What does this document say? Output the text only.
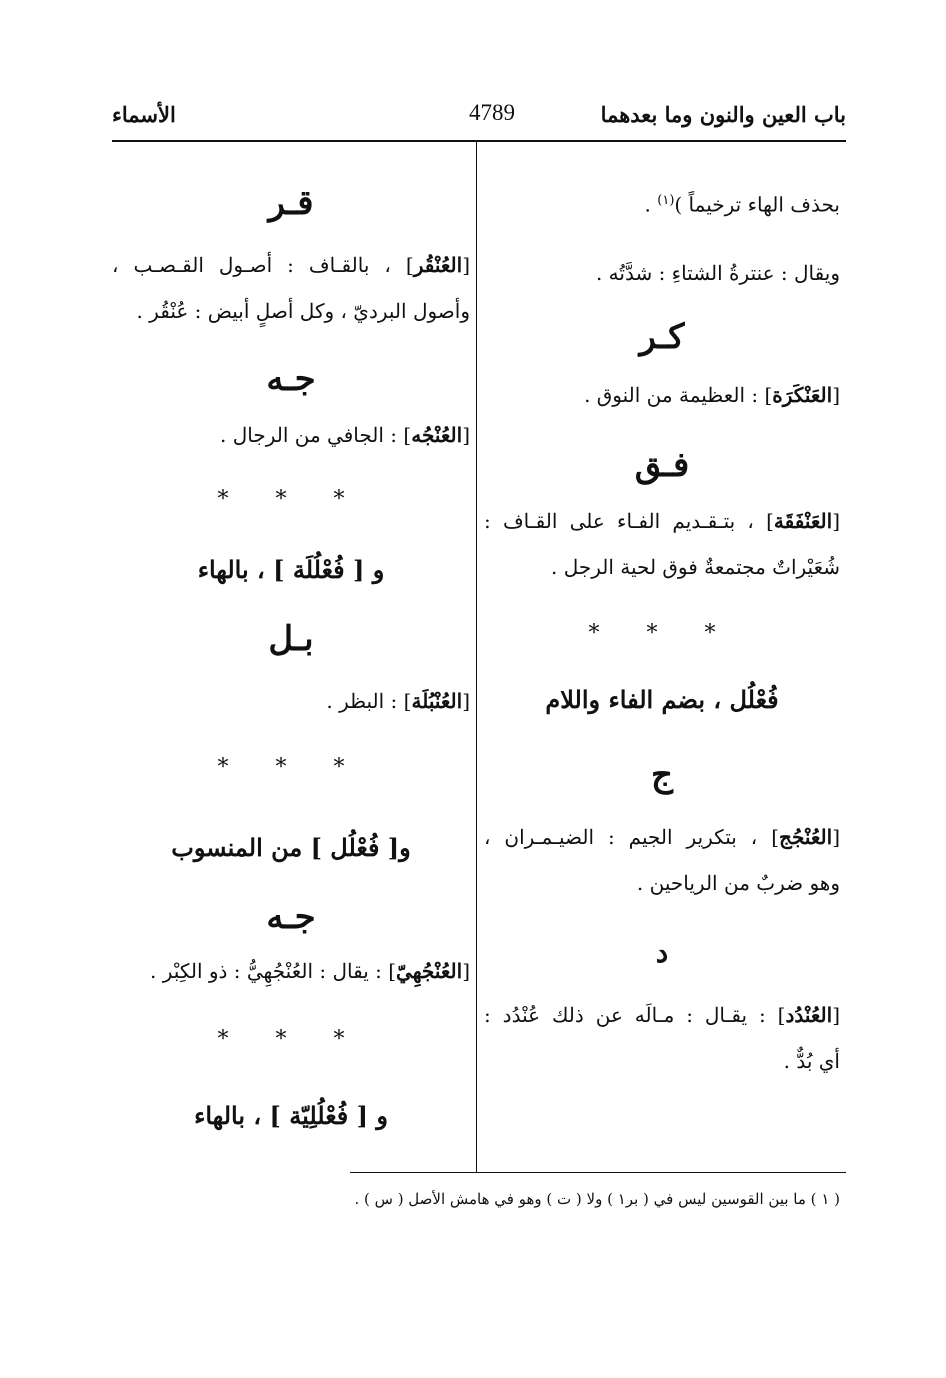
باب العين والنون وما بعدهما
4789
الأسماء
بحذف الهاء ترخيماً )$^{(١)}$ .
ويقال : عنترةُ الشتاءِ : شدَّتُه .
كـر
[العَنْكَرَة] : العظيمة من النوق .
فـق
[العَنْفَقَة] ، بتـقـديم الفـاء على القـاف :
شُعَيْراتٌ مجتمعةٌ فوق لحية الرجل .
* * *
فُعْلُل ، بضم الفاء واللام
ج
[العُنْجُج] ، بتكرير الجيم : الضيـمـران ،
وهو ضربٌ من الرياحين .
د
[العُنْدُد] : يقـال : مـالَه عن ذلك عُنْدُد :
أي بُدٌّ .
قـر
[العُنْقُر] ، بالقـاف : أصـول القـصـب ،
وأصول البرديّ ، وكل أصلٍ أبيض : عُنْقُر .
جـه
[العُنْجُه] : الجافي من الرجال .
* * *
و [ فُعْلُلَة ] ، بالهاء
بـل
[العُنْبُلَة] : البظر .
* * *
و[ فُعْلُل ] من المنسوب
جـه
[العُنْجُهِيّ] : يقال : العُنْجُهِيُّ : ذو الكِبْر .
* * *
و [ فُعْلُلِيّة ] ، بالهاء
( ١ ) ما بين القوسين ليس في ( بر١ ) ولا ( ت ) وهو في هامش الأصل ( س ) .
